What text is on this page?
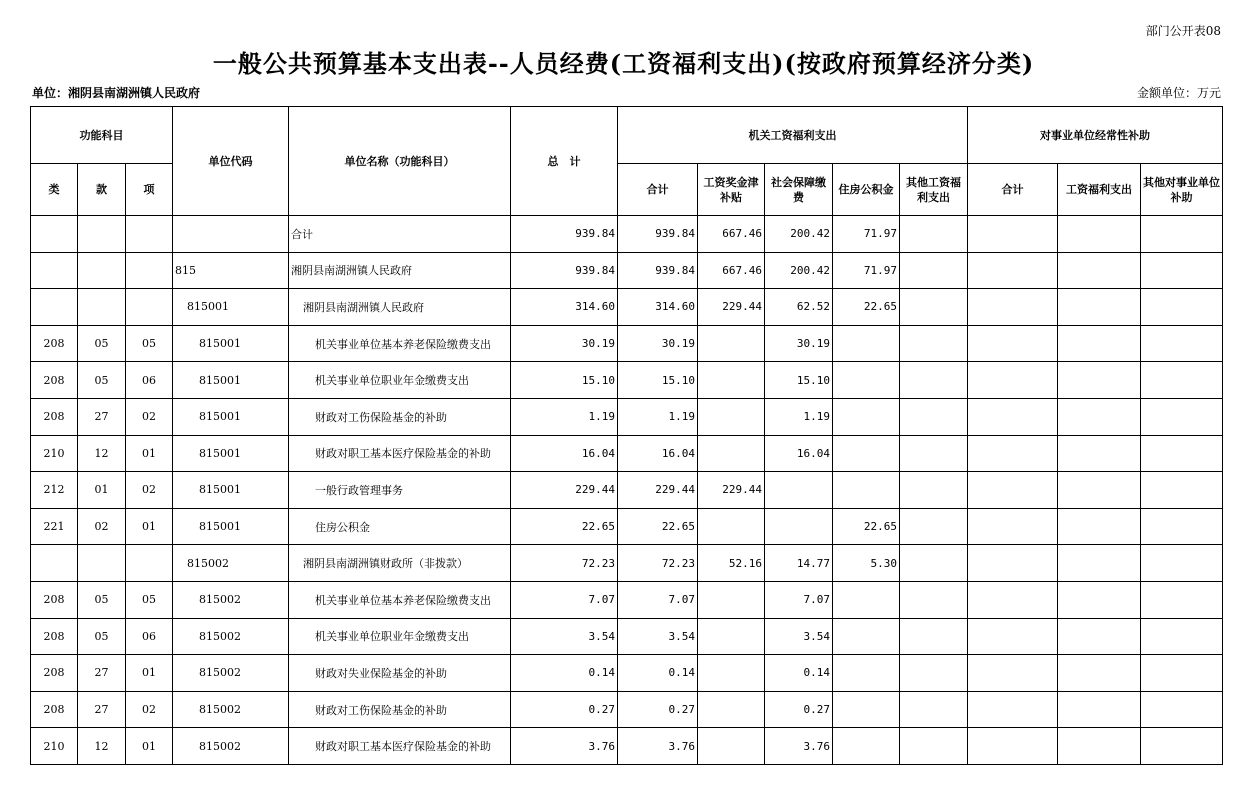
部门公开表08
一般公共预算基本支出表--人员经费(工资福利支出)(按政府预算经济分类)
单位：湘阴县南湖洲镇人民政府	金额单位：万元
功能科目			单位代码	单位名称（功能科目）	总　计	机关工资福利支出					对事业单位经常性补助		
类	款	项				合计	工资奖金津补贴	社会保障缴费	住房公积金	其他工资福利支出	合计	工资福利支出	其他对事业单位补助
				合计	939.84	939.84	667.46	200.42	71.97				
			815	湘阴县南湖洲镇人民政府	939.84	939.84	667.46	200.42	71.97				
			815001	湘阴县南湖洲镇人民政府	314.60	314.60	229.44	62.52	22.65				
208	05	05	815001	机关事业单位基本养老保险缴费支出	30.19	30.19		30.19					
208	05	06	815001	机关事业单位职业年金缴费支出	15.10	15.10		15.10					
208	27	02	815001	财政对工伤保险基金的补助	1.19	1.19		1.19					
210	12	01	815001	财政对职工基本医疗保险基金的补助	16.04	16.04		16.04					
212	01	02	815001	一般行政管理事务	229.44	229.44	229.44						
221	02	01	815001	住房公积金	22.65	22.65			22.65				
			815002	湘阴县南湖洲镇财政所（非拨款）	72.23	72.23	52.16	14.77	5.30				
208	05	05	815002	机关事业单位基本养老保险缴费支出	7.07	7.07		7.07					
208	05	06	815002	机关事业单位职业年金缴费支出	3.54	3.54		3.54					
208	27	01	815002	财政对失业保险基金的补助	0.14	0.14		0.14					
208	27	02	815002	财政对工伤保险基金的补助	0.27	0.27		0.27					
210	12	01	815002	财政对职工基本医疗保险基金的补助	3.76	3.76		3.76					
